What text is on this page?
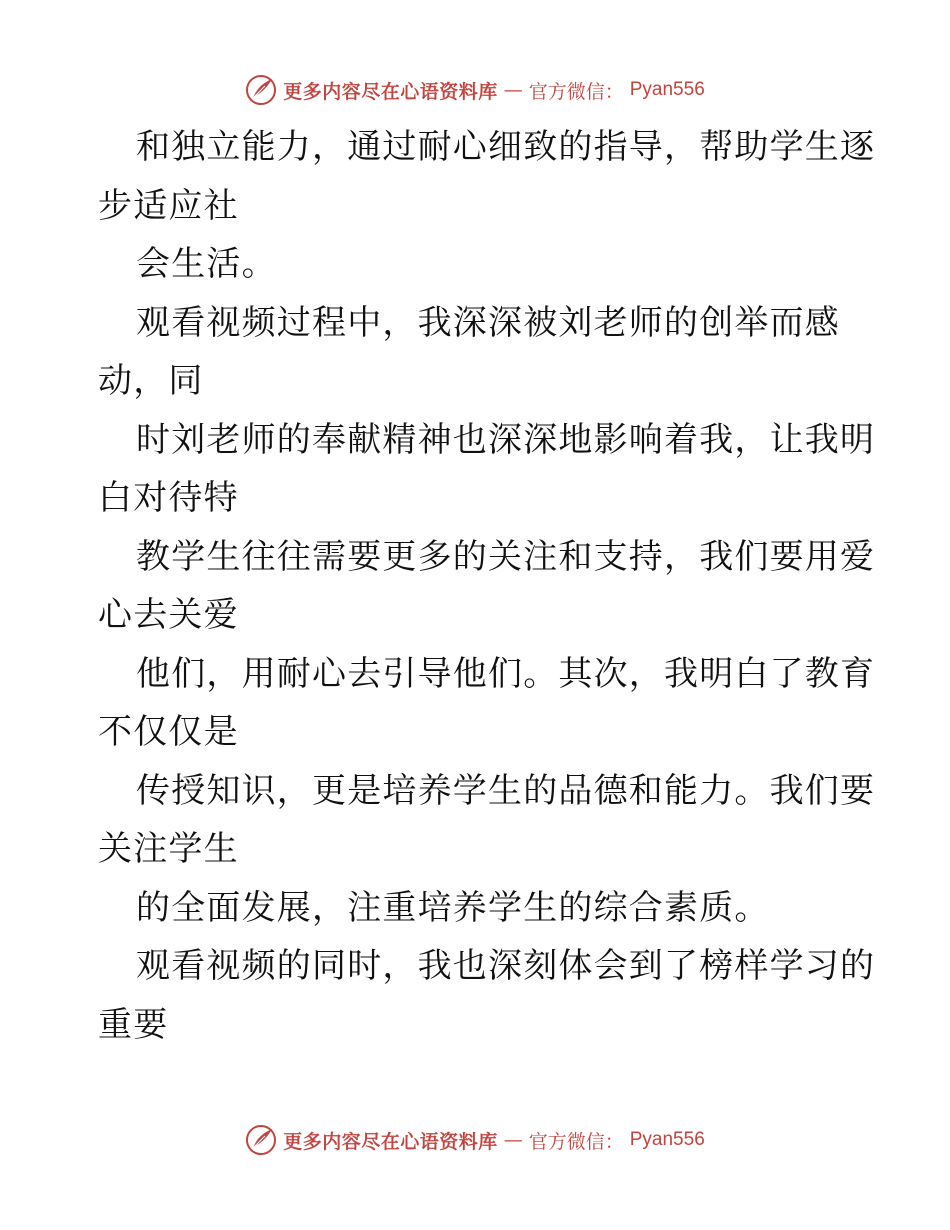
更多内容尽在心语资料库 — 官方微信： Pyan556
和独立能力，通过耐心细致的指导，帮助学生逐
步适应社
会生活。
观看视频过程中，我深深被刘老师的创举而感
动，同
时刘老师的奉献精神也深深地影响着我，让我明
白对待特
教学生往往需要更多的关注和支持，我们要用爱
心去关爱
他们，用耐心去引导他们。其次，我明白了教育
不仅仅是
传授知识，更是培养学生的品德和能力。我们要
关注学生
的全面发展，注重培养学生的综合素质。
观看视频的同时，我也深刻体会到了榜样学习的
重要
更多内容尽在心语资料库 — 官方微信： Pyan556
